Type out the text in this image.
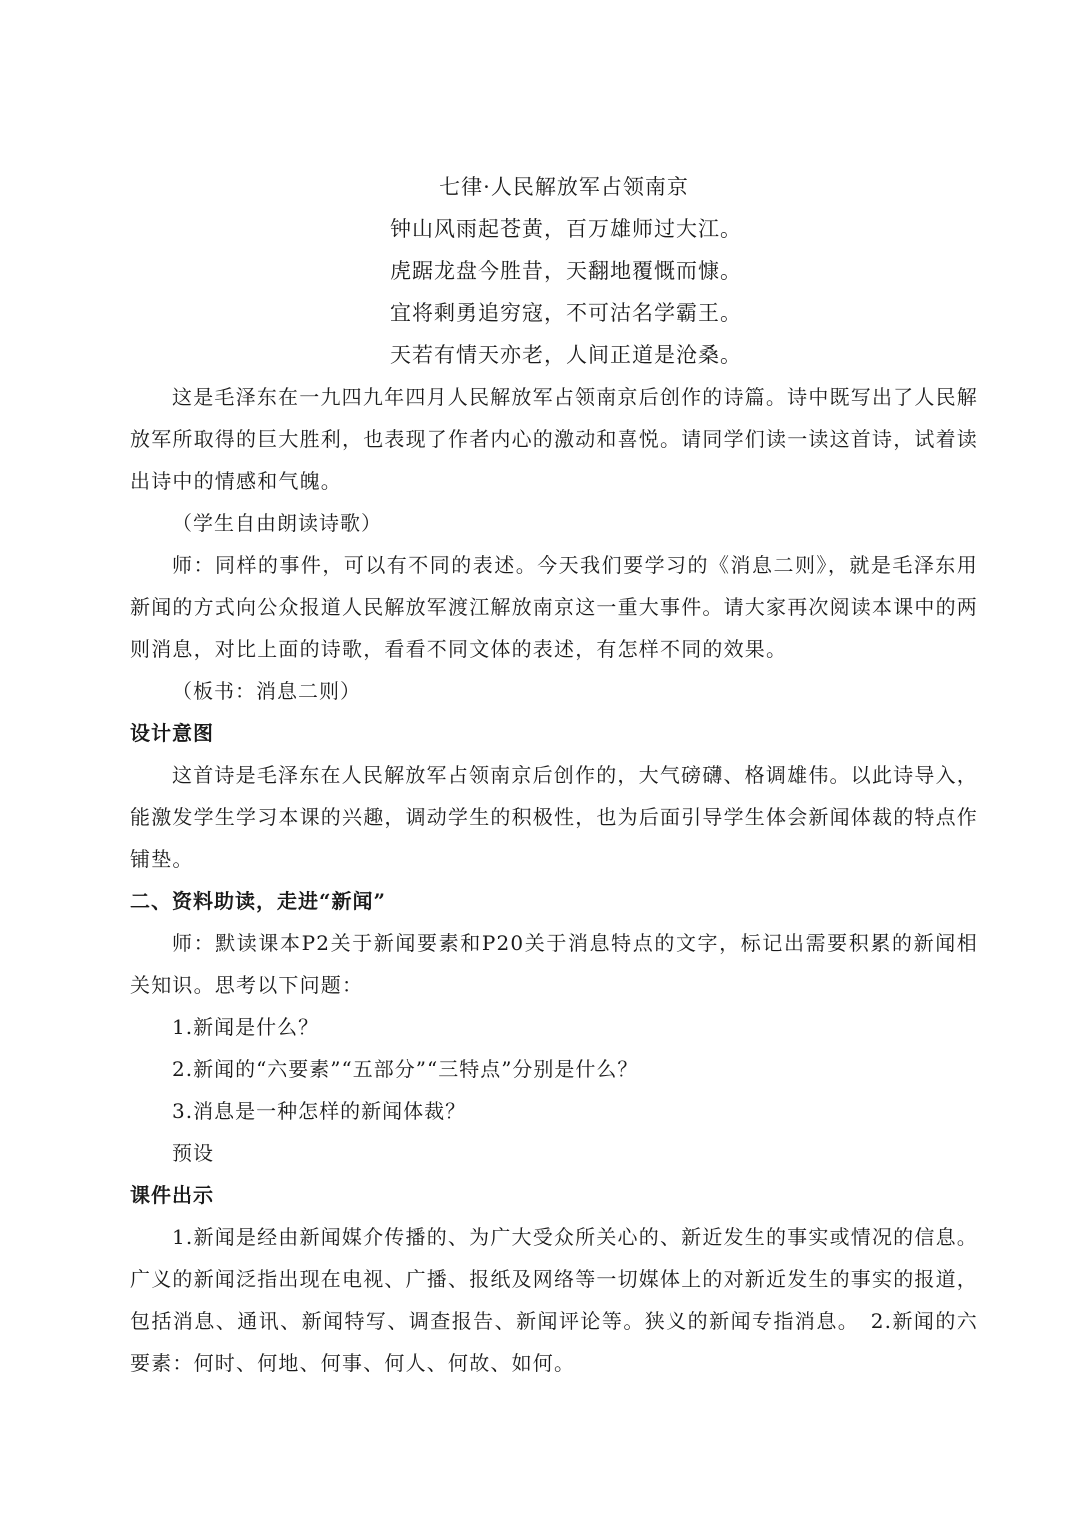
七律·人民解放军占领南京
钟山风雨起苍黄，百万雄师过大江。
虎踞龙盘今胜昔，天翻地覆慨而慷。
宜将剩勇追穷寇，不可沽名学霸王。
天若有情天亦老，人间正道是沧桑。

这是毛泽东在一九四九年四月人民解放军占领南京后创作的诗篇。诗中既写出了人民解放军所取得的巨大胜利，也表现了作者内心的激动和喜悦。请同学们读一读这首诗，试着读出诗中的情感和气魄。

（学生自由朗读诗歌）

师：同样的事件，可以有不同的表述。今天我们要学习的《消息二则》，就是毛泽东用新闻的方式向公众报道人民解放军渡江解放南京这一重大事件。请大家再次阅读本课中的两则消息，对比上面的诗歌，看看不同文体的表述，有怎样不同的效果。

（板书：消息二则）

设计意图

这首诗是毛泽东在人民解放军占领南京后创作的，大气磅礴、格调雄伟。以此诗导入，能激发学生学习本课的兴趣，调动学生的积极性，也为后面引导学生体会新闻体裁的特点作铺垫。

二、资料助读，走进“新闻”

师：默读课本P2关于新闻要素和P20关于消息特点的文字，标记出需要积累的新闻相关知识。思考以下问题：

1.新闻是什么？

2.新闻的“六要素”“五部分”“三特点”分别是什么？

3.消息是一种怎样的新闻体裁？

预设

课件出示

1.新闻是经由新闻媒介传播的、为广大受众所关心的、新近发生的事实或情况的信息。广义的新闻泛指出现在电视、广播、报纸及网络等一切媒体上的对新近发生的事实的报道，包括消息、通讯、新闻特写、调查报告、新闻评论等。狭义的新闻专指消息。　2.新闻的六要素：何时、何地、何事、何人、何故、如何。
